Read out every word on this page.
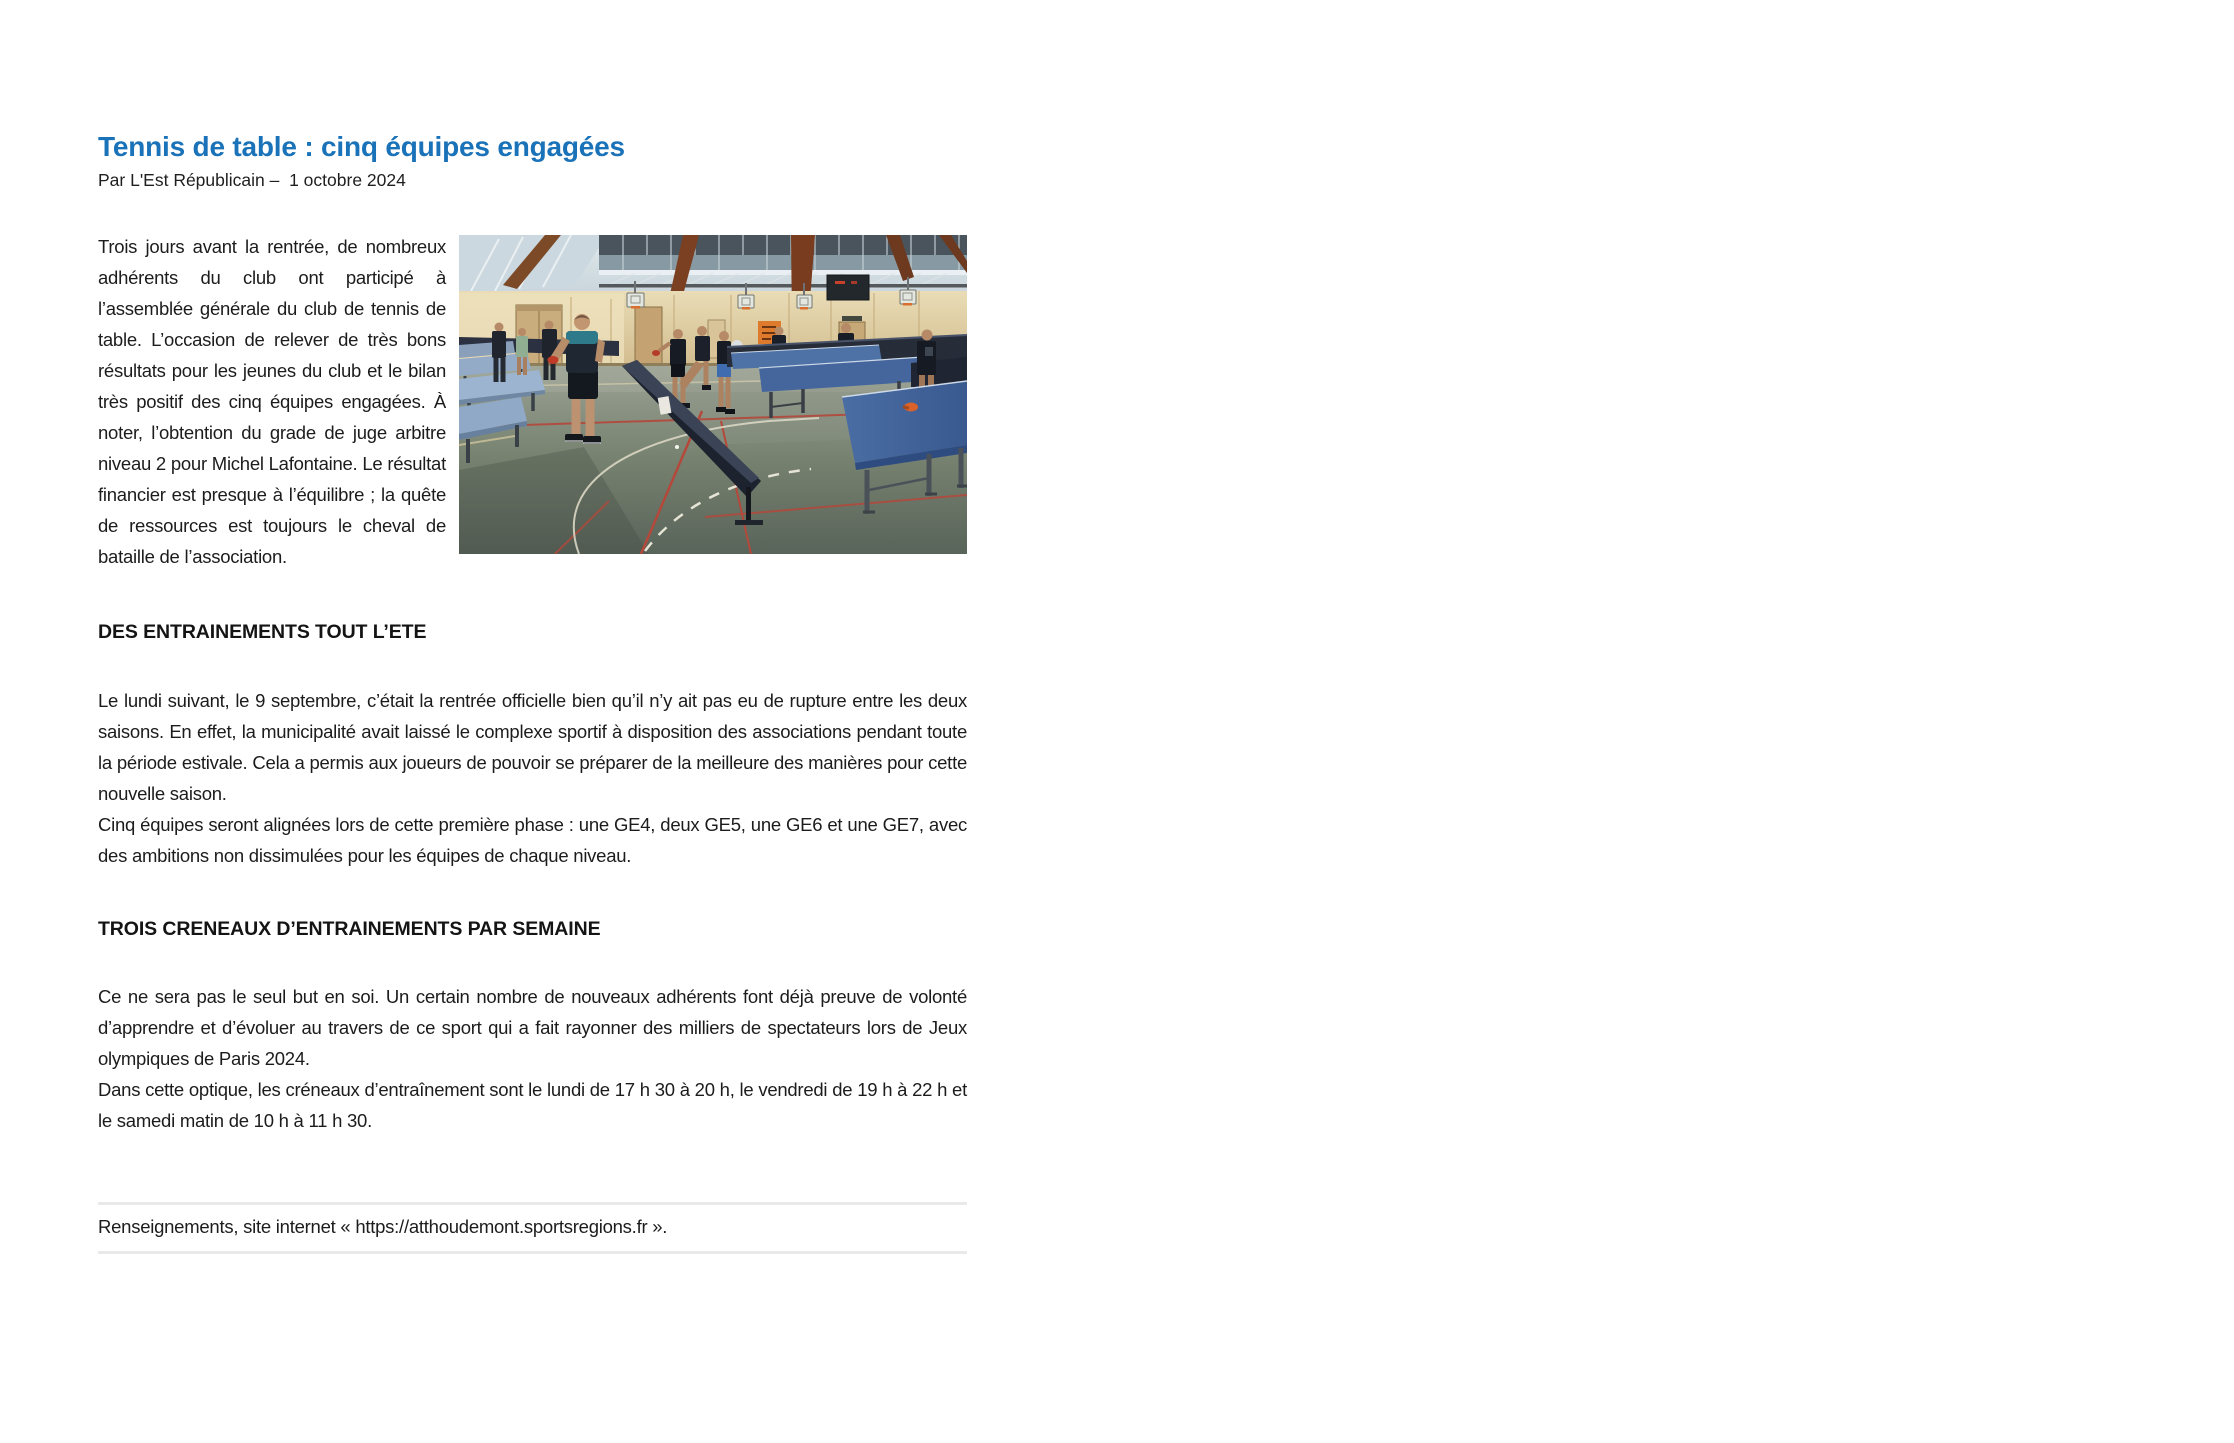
Tennis de table : cinq équipes engagées
Par L'Est Républicain –  1 octobre 2024

Trois jours avant la rentrée, de nombreux adhérents du club ont participé à l’assemblée générale du club de tennis de table. L’occasion de relever de très bons résultats pour les jeunes du club et le bilan très positif des cinq équipes engagées. À noter, l’obtention du grade de juge arbitre niveau 2 pour Michel Lafontaine. Le résultat financier est presque à l’équilibre ; la quête de ressources est toujours le cheval de bataille de l’association.

DES ENTRAINEMENTS TOUT L’ETE

Le lundi suivant, le 9 septembre, c’était la rentrée officielle bien qu’il n’y ait pas eu de rupture entre les deux saisons. En effet, la municipalité avait laissé le complexe sportif à disposition des associations pendant toute la période estivale. Cela a permis aux joueurs de pouvoir se préparer de la meilleure des manières pour cette nouvelle saison.

Cinq équipes seront alignées lors de cette première phase : une GE4, deux GE5, une GE6 et une GE7, avec des ambitions non dissimulées pour les équipes de chaque niveau.

TROIS CRENEAUX D’ENTRAINEMENTS PAR SEMAINE

Ce ne sera pas le seul but en soi. Un certain nombre de nouveaux adhérents font déjà preuve de volonté d’apprendre et d’évoluer au travers de ce sport qui a fait rayonner des milliers de spectateurs lors de Jeux olympiques de Paris 2024.

Dans cette optique, les créneaux d’entraînement sont le lundi de 17 h 30 à 20 h, le vendredi de 19 h à 22 h et le samedi matin de 10 h à 11 h 30.

Renseignements, site internet « https://atthoudemont.sportsregions.fr ».
